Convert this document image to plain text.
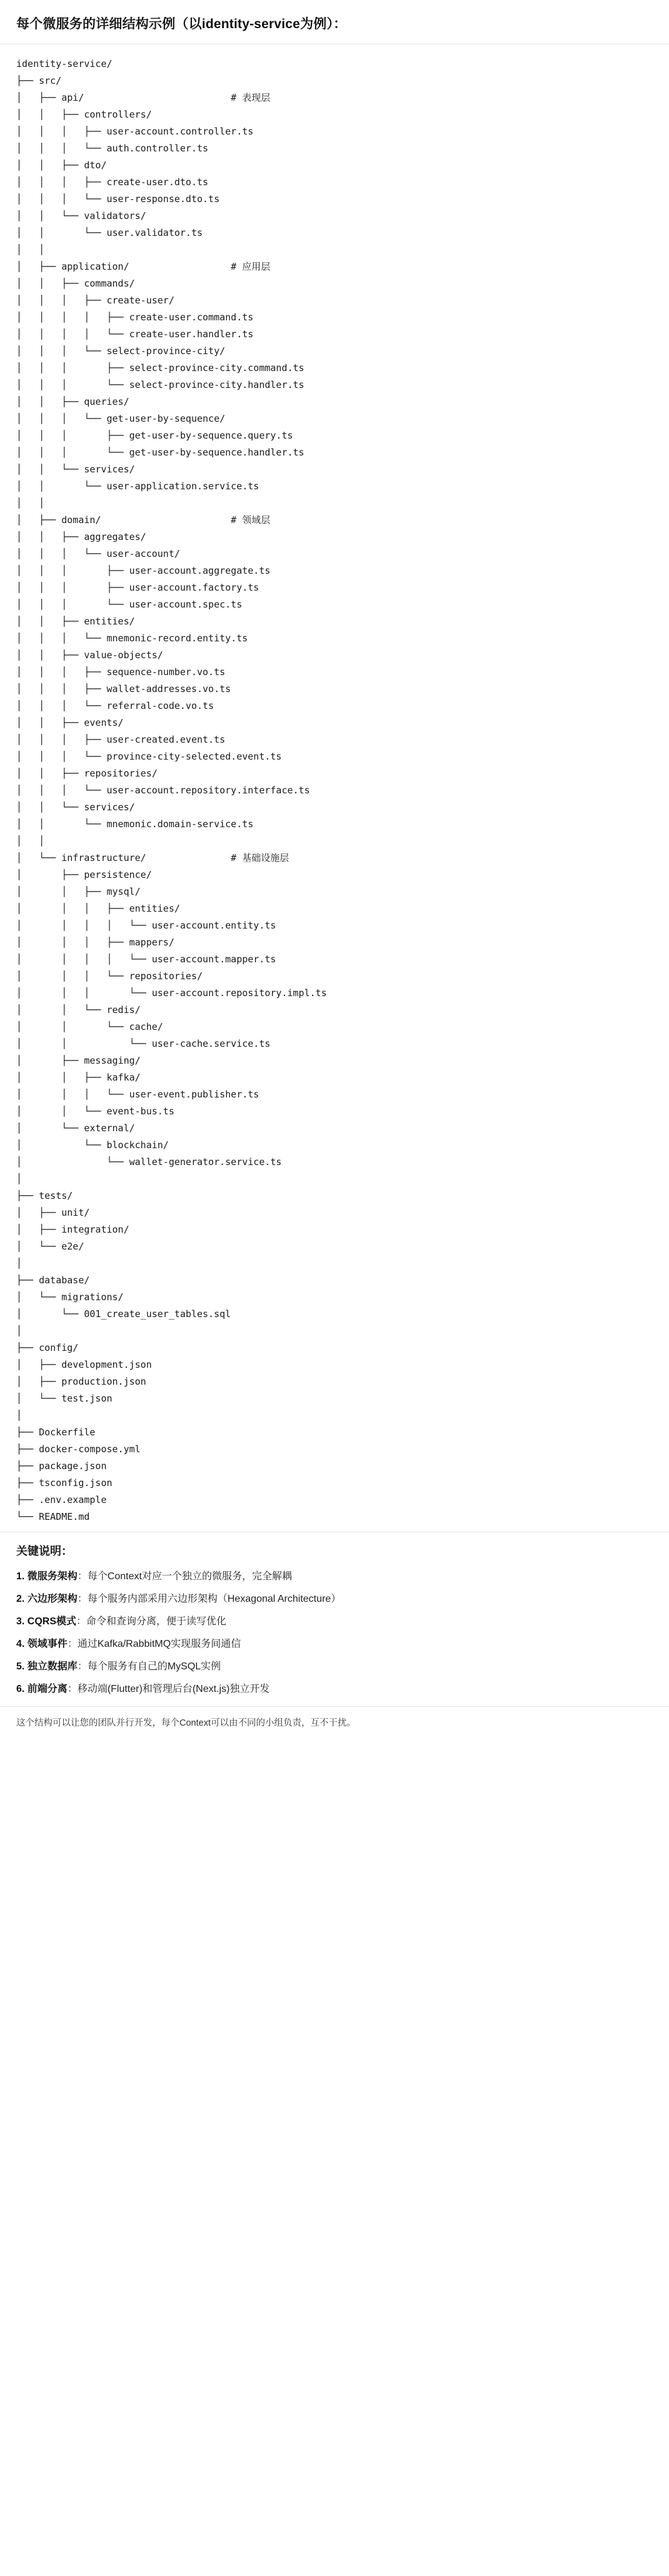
每个微服务的详细结构示例（以identity-service为例）：
identity-service/
├── src/
│   ├── api/                          # 表现层
│   │   ├── controllers/
│   │   │   ├── user-account.controller.ts
│   │   │   └── auth.controller.ts
│   │   ├── dto/
│   │   │   ├── create-user.dto.ts
│   │   │   └── user-response.dto.ts
│   │   └── validators/
│   │       └── user.validator.ts
│   │
│   ├── application/                  # 应用层
│   │   ├── commands/
│   │   │   ├── create-user/
│   │   │   │   ├── create-user.command.ts
│   │   │   │   └── create-user.handler.ts
│   │   │   └── select-province-city/
│   │   │       ├── select-province-city.command.ts
│   │   │       └── select-province-city.handler.ts
│   │   ├── queries/
│   │   │   └── get-user-by-sequence/
│   │   │       ├── get-user-by-sequence.query.ts
│   │   │       └── get-user-by-sequence.handler.ts
│   │   └── services/
│   │       └── user-application.service.ts
│   │
│   ├── domain/                       # 领域层
│   │   ├── aggregates/
│   │   │   └── user-account/
│   │   │       ├── user-account.aggregate.ts
│   │   │       ├── user-account.factory.ts
│   │   │       └── user-account.spec.ts
│   │   ├── entities/
│   │   │   └── mnemonic-record.entity.ts
│   │   ├── value-objects/
│   │   │   ├── sequence-number.vo.ts
│   │   │   ├── wallet-addresses.vo.ts
│   │   │   └── referral-code.vo.ts
│   │   ├── events/
│   │   │   ├── user-created.event.ts
│   │   │   └── province-city-selected.event.ts
│   │   ├── repositories/
│   │   │   └── user-account.repository.interface.ts
│   │   └── services/
│   │       └── mnemonic.domain-service.ts
│   │
│   └── infrastructure/               # 基础设施层
│       ├── persistence/
│       │   ├── mysql/
│       │   │   ├── entities/
│       │   │   │   └── user-account.entity.ts
│       │   │   ├── mappers/
│       │   │   │   └── user-account.mapper.ts
│       │   │   └── repositories/
│       │   │       └── user-account.repository.impl.ts
│       │   └── redis/
│       │       └── cache/
│       │           └── user-cache.service.ts
│       ├── messaging/
│       │   ├── kafka/
│       │   │   └── user-event.publisher.ts
│       │   └── event-bus.ts
│       └── external/
│           └── blockchain/
│               └── wallet-generator.service.ts
│
├── tests/
│   ├── unit/
│   ├── integration/
│   └── e2e/
│
├── database/
│   └── migrations/
│       └── 001_create_user_tables.sql
│
├── config/
│   ├── development.json
│   ├── production.json
│   └── test.json
│
├── Dockerfile
├── docker-compose.yml
├── package.json
├── tsconfig.json
├── .env.example
└── README.md
关键说明：
1. 微服务架构：每个Context对应一个独立的微服务，完全解耦
2. 六边形架构：每个服务内部采用六边形架构（Hexagonal Architecture）
3. CQRS模式：命令和查询分离，便于读写优化
4. 领域事件：通过Kafka/RabbitMQ实现服务间通信
5. 独立数据库：每个服务有自己的MySQL实例
6. 前端分离：移动端(Flutter)和管理后台(Next.js)独立开发
这个结构可以让您的团队并行开发，每个Context可以由不同的小组负责，互不干扰。
